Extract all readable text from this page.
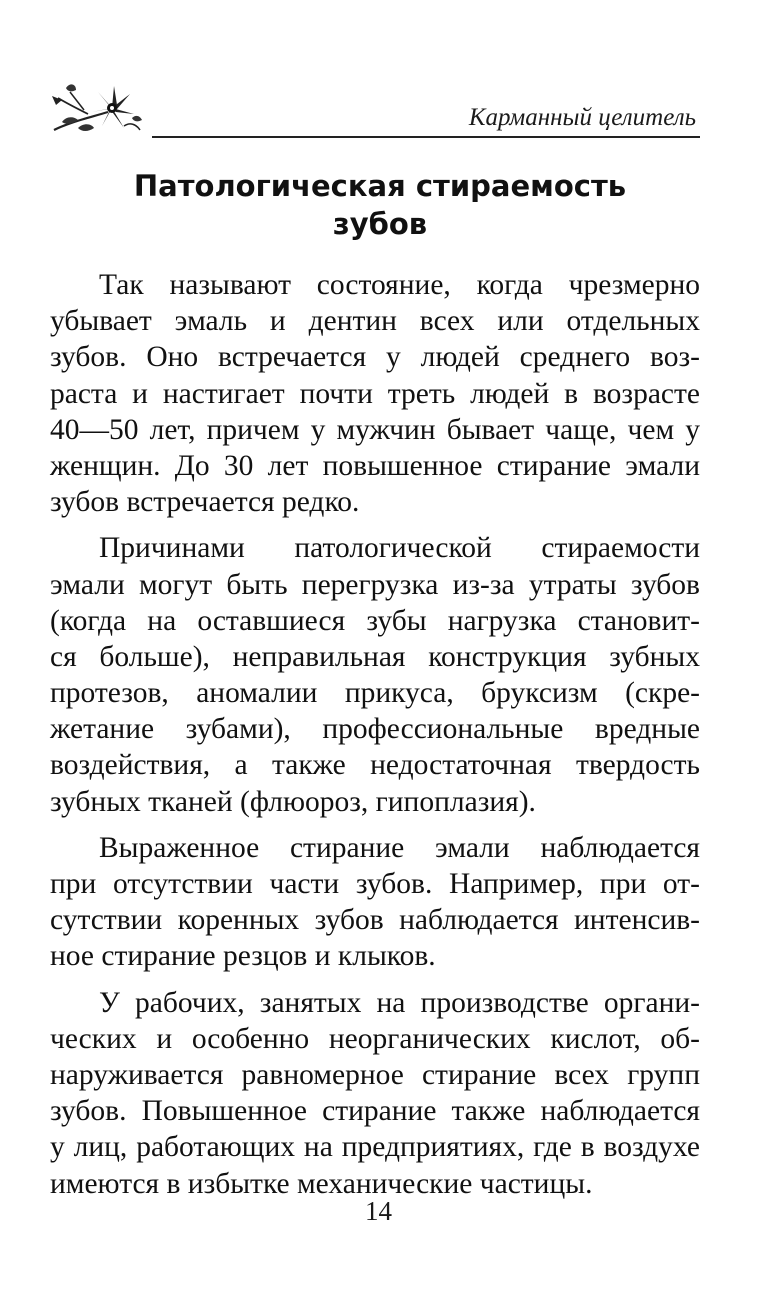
Карманный целитель
Патологическая стираемость
зубов
Так называют состояние, когда чрезмерно
убывает эмаль и дентин всех или отдельных
зубов. Оно встречается у людей среднего воз-
раста и настигает почти треть людей в возрасте
40—50 лет, причем у мужчин бывает чаще, чем у
женщин. До 30 лет повышенное стирание эмали
зубов встречается редко.
Причинами патологической стираемости
эмали могут быть перегрузка из-за утраты зубов
(когда на оставшиеся зубы нагрузка становит-
ся больше), неправильная конструкция зубных
протезов, аномалии прикуса, бруксизм (скре-
жетание зубами), профессиональные вредные
воздействия, а также недостаточная твердость
зубных тканей (флюороз, гипоплазия).
Выраженное стирание эмали наблюдается
при отсутствии части зубов. Например, при от-
сутствии коренных зубов наблюдается интенсив-
ное стирание резцов и клыков.
У рабочих, занятых на производстве органи-
ческих и особенно неорганических кислот, об-
наруживается равномерное стирание всех групп
зубов. Повышенное стирание также наблюдается
у лиц, работающих на предприятиях, где в воздухе
имеются в избытке механические частицы.
14
